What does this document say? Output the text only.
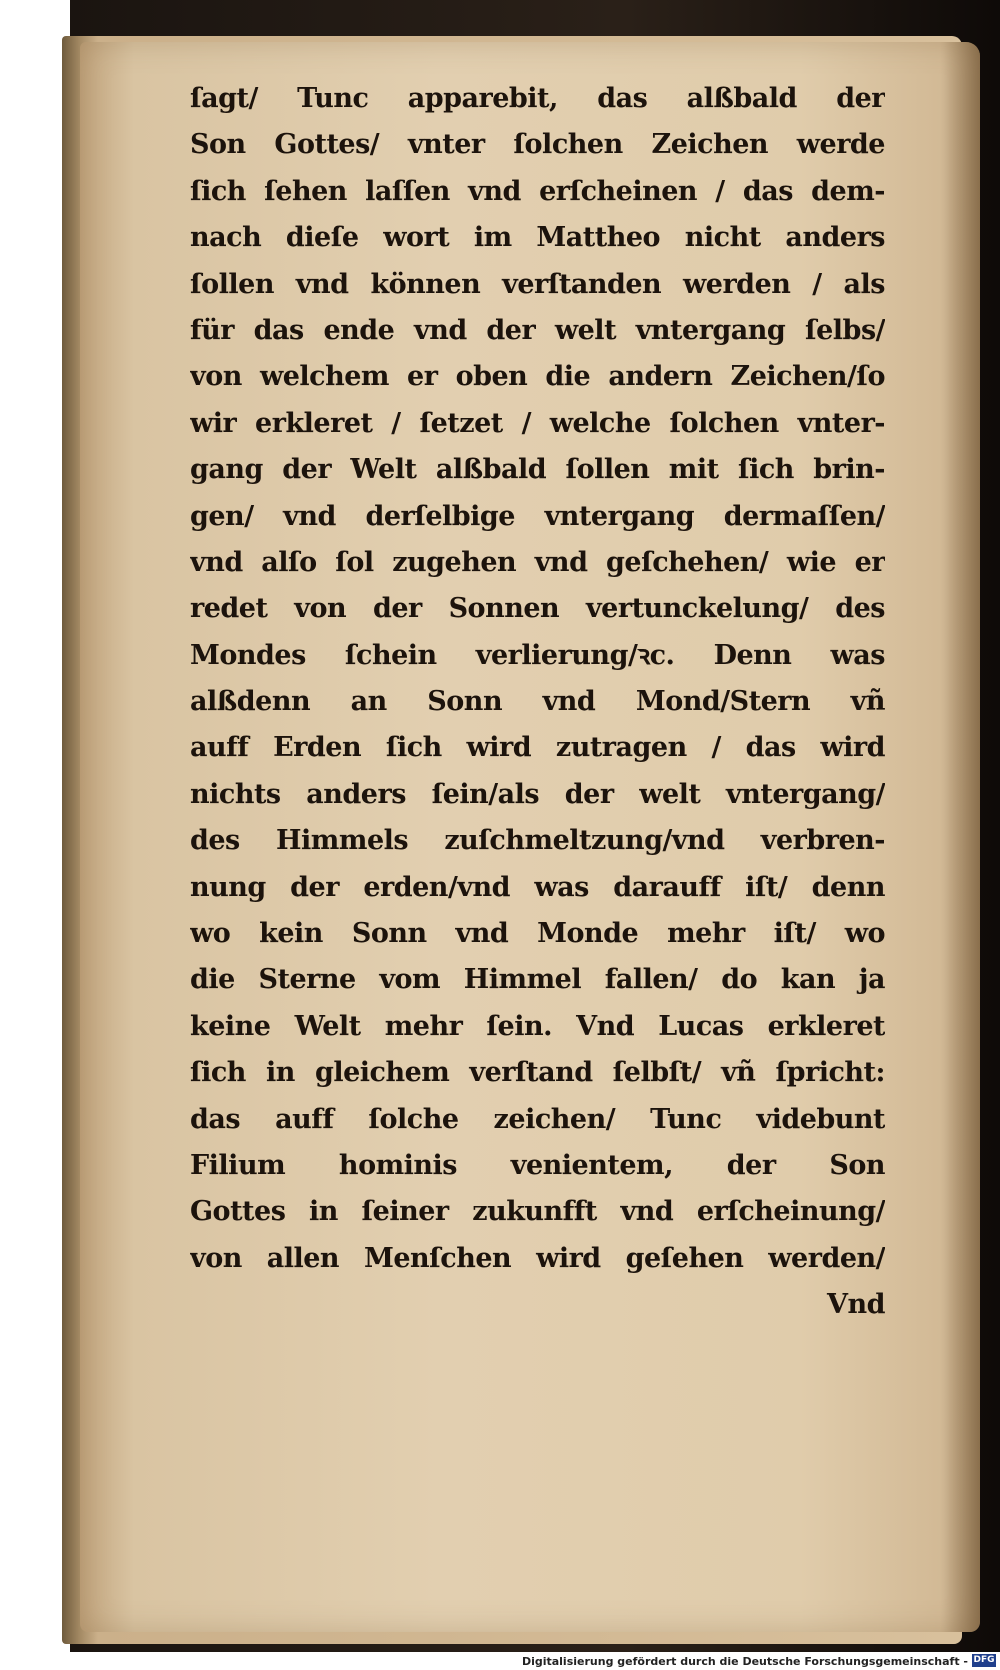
ſagt/ Tunc apparebit, das alßbald der
Son Gottes/ vnter ſolchen Zeichen werde
ſich ſehen laſſen vnd erſcheinen / das dem-
nach dieſe wort im Mattheo nicht anders
ſollen vnd können verſtanden werden / als
für das ende vnd der welt vntergang ſelbs/
von welchem er oben die andern Zeichen/ſo
wir erkleret / ſetzet / welche ſolchen vnter-
gang der Welt alßbald ſollen mit ſich brin-
gen/ vnd derſelbige vntergang dermaſſen/
vnd alſo ſol zugehen vnd geſchehen/ wie er
redet von der Sonnen vertunckelung/ des
Mondes ſchein verlierung/ꝛc. Denn was
alßdenn an Sonn vnd Mond/Stern vñ
auff Erden ſich wird zutragen / das wird
nichts anders ſein/als der welt vntergang/
des Himmels zuſchmeltzung/vnd verbren-
nung der erden/vnd was darauff iſt/ denn
wo kein Sonn vnd Monde mehr iſt/ wo
die Sterne vom Himmel fallen/ do kan ja
keine Welt mehr ſein. Vnd Lucas erkleret
ſich in gleichem verſtand ſelbſt/ vñ ſpricht:
das auff ſolche zeichen/ Tunc videbunt
Filium hominis venientem, der Son
Gottes in ſeiner zukunfft vnd erſcheinung/
von allen Menſchen wird geſehen werden/
Vnd
Digitalisierung gefördert durch die Deutsche Forschungsgemeinschaft - DFG
